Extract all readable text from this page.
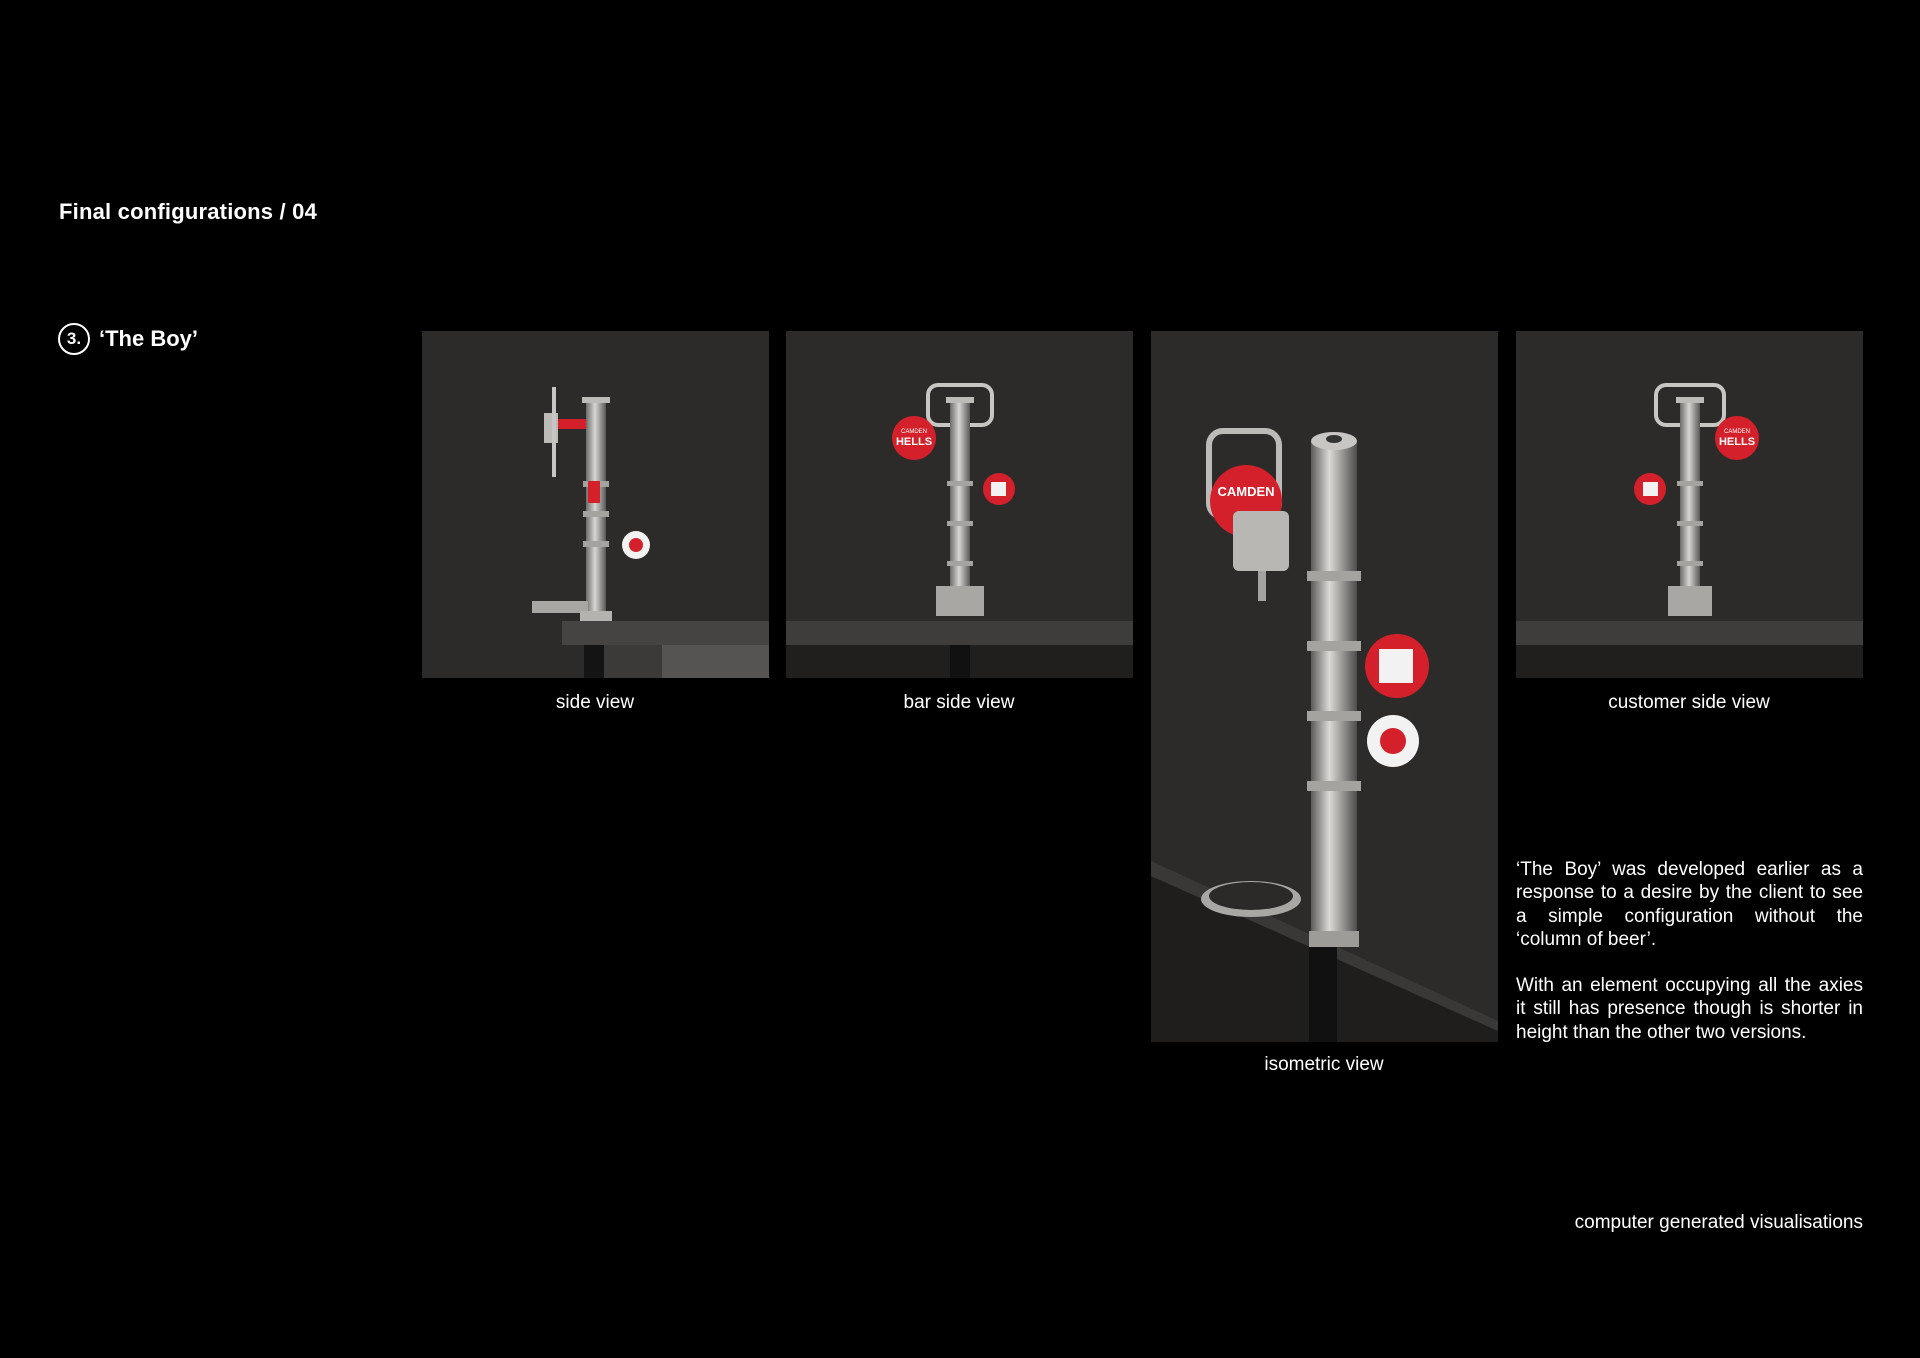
Final configurations / 04
3. ‘The Boy’
side view
CAMDEN
HELLS
bar side view
CAMDEN
isometric view
CAMDEN
HELLS
customer side view

‘The Boy’ was developed earlier as a response to a desire by the client to see a simple configuration without the ‘column of beer’.

With an element occupying all the axies it still has presence though is shorter in height than the other two versions.

computer generated visualisations
